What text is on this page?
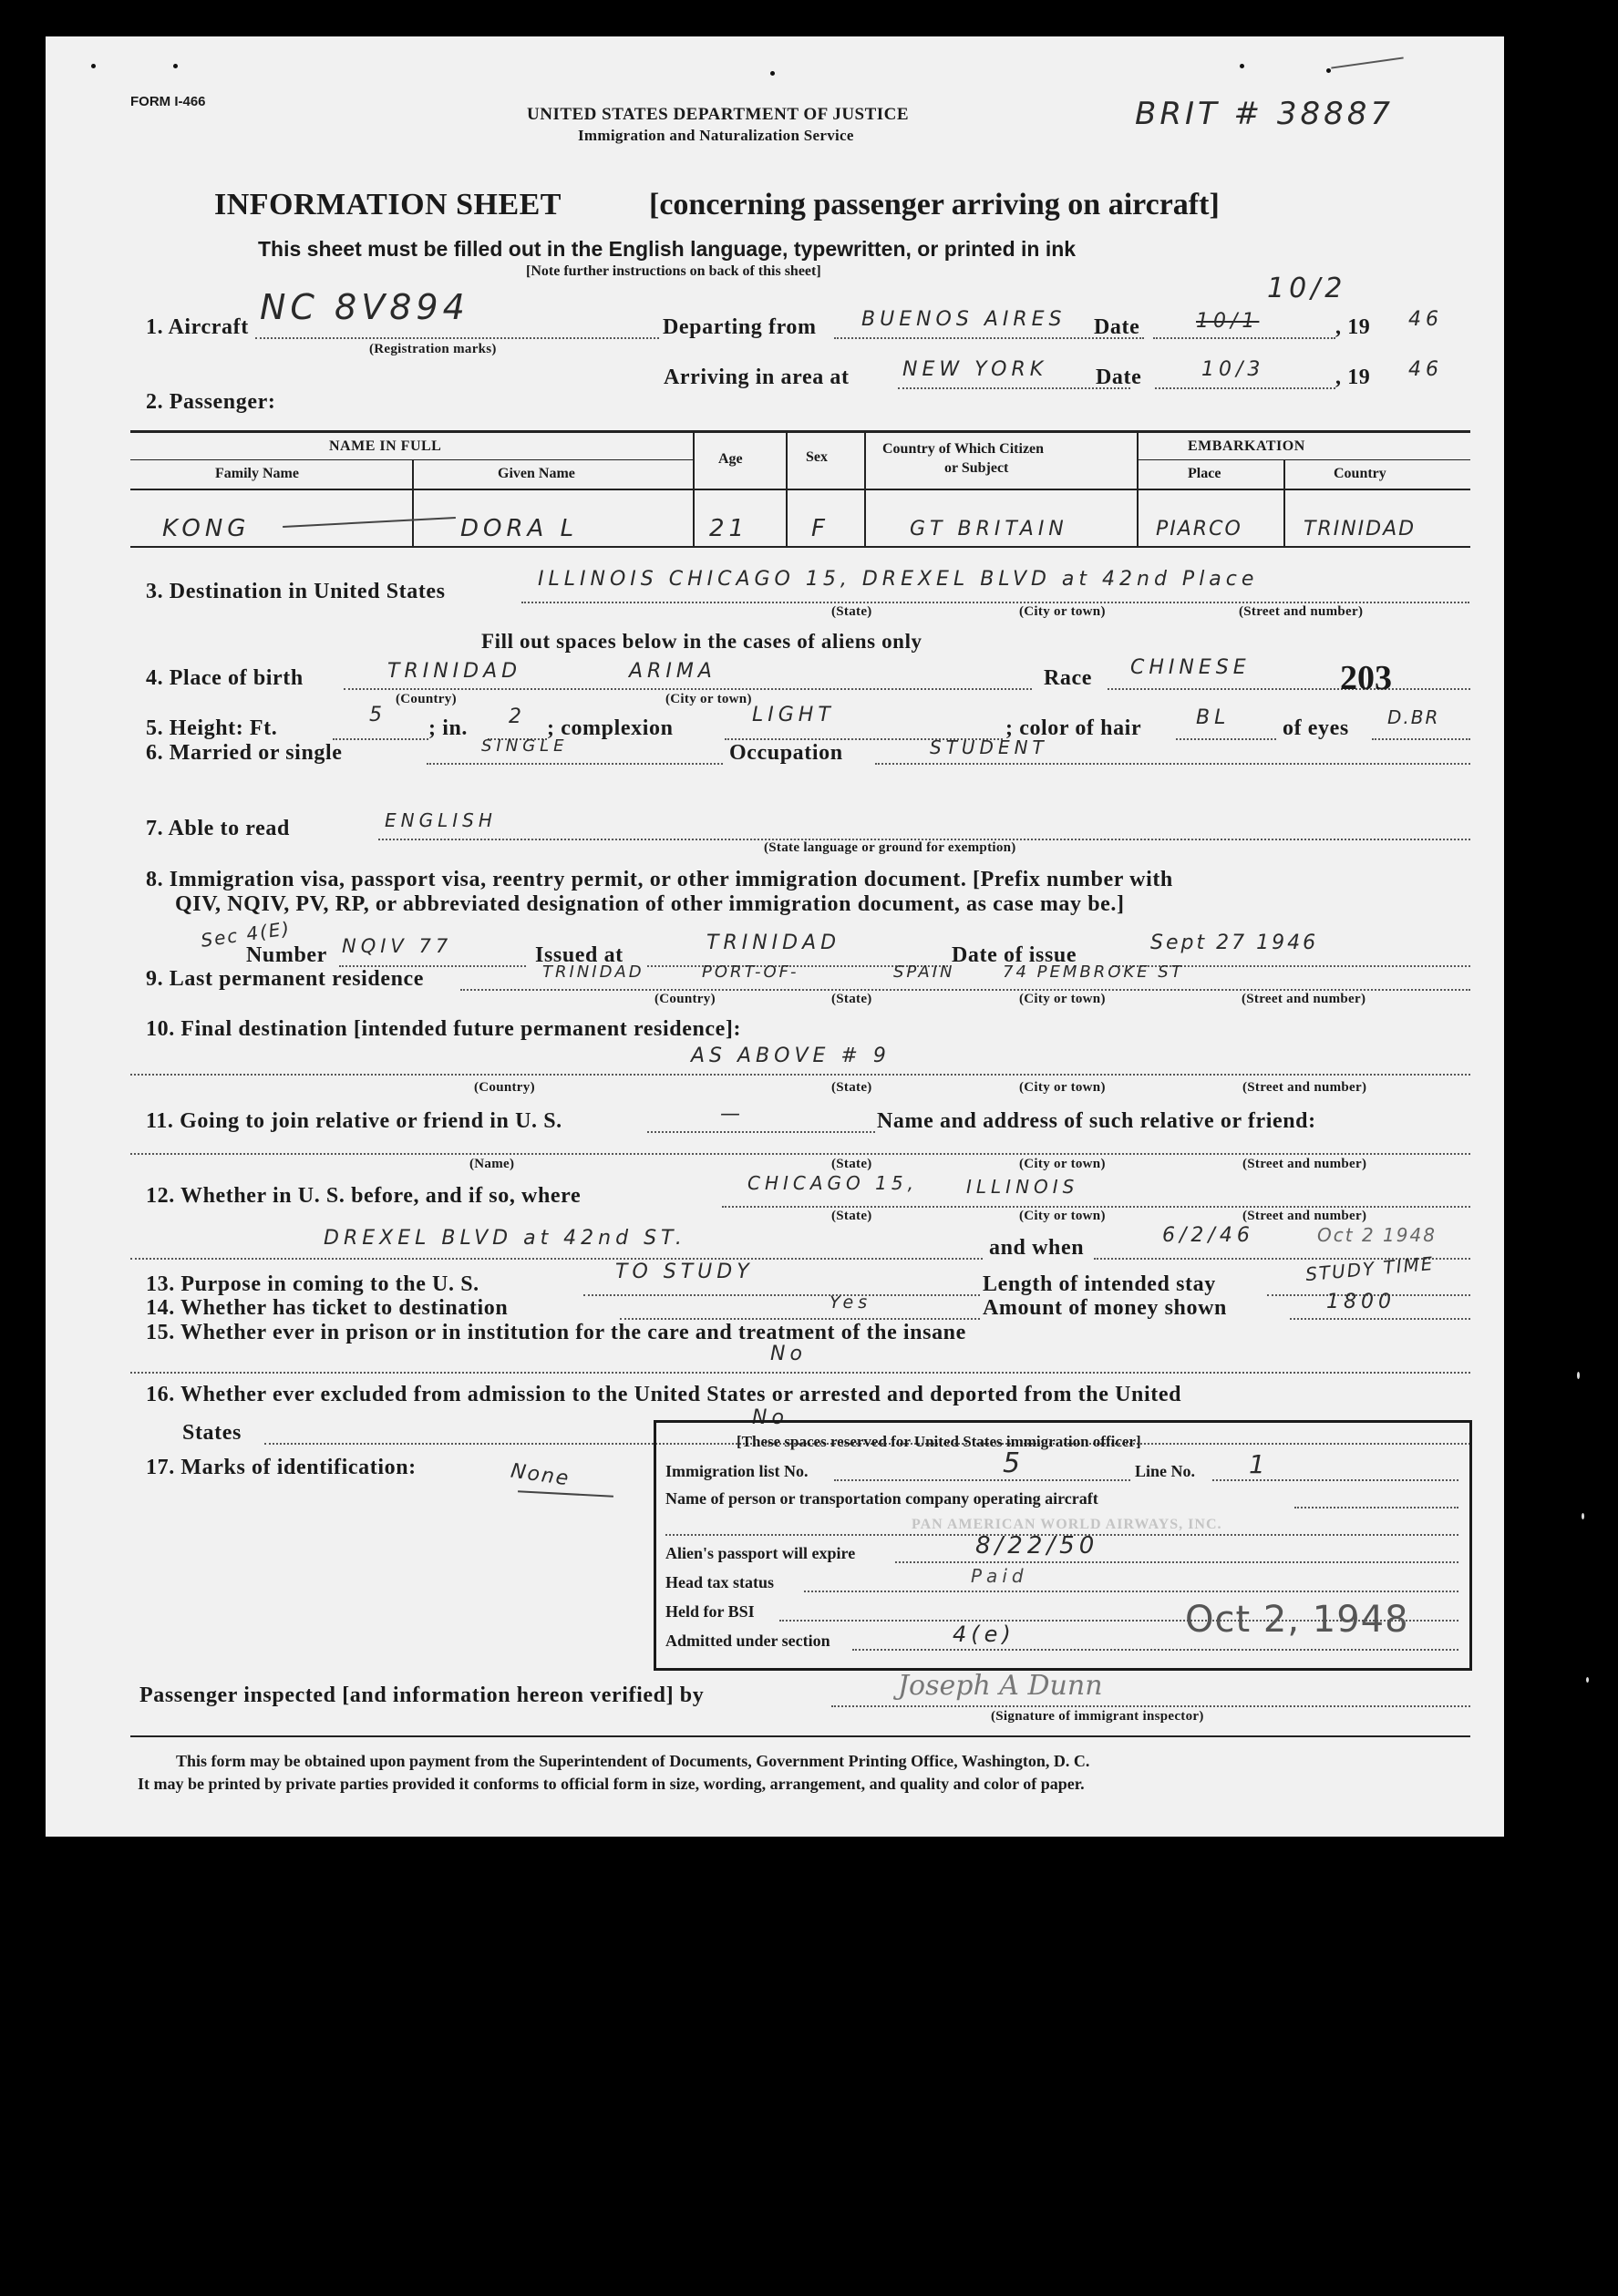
FORM I-466
UNITED STATES DEPARTMENT OF JUSTICE
Immigration and Naturalization Service
BRIT # 38887
INFORMATION SHEET	[concerning passenger arriving on aircraft]
This sheet must be filled out in the English language, typewritten, or printed in ink
[Note further instructions on back of this sheet]
1. Aircraft NC 8V894
(Registration marks)
Departing from BUENOS AIRES Date	10/1
10/2
, 19 46
Arriving in area at	NEW YORK Date	10/3	, 19 46
2. Passenger:
NAME IN FULL
Family Name	Given Name
Age	Sex
Country of Which Citizen
or Subject
EMBARKATION
Place	Country
KONG	DORA L	21	F	GT BRITAIN	PIARCO	TRINIDAD
3. Destination in United States
ILLINOIS CHICAGO 15, DREXEL BLVD at 42nd Place
(State)	(City or town)	(Street and number)
Fill out spaces below in the cases of aliens only
4. Place of birth	TRINIDAD	ARIMA
(Country)	(City or town)
Race CHINESE	203
5. Height: Ft.
5
; in. 2 ; complexion
LIGHT
; color of hair	BL of eyes D.BR
6. Married or single	SINGLE	Occupation	STUDENT
7. Able to read	ENGLISH
(State language or ground for exemption)
8. Immigration visa, passport visa, reentry permit, or other immigration document. [Prefix number with
QIV, NQIV, PV, RP, or abbreviated designation of other immigration document, as case may be.]
Sec 4(E)
Number NQIV 77	Issued at
TRINIDAD
Date of issue
Sept 27 1946
9. Last permanent residence	TRINIDAD	PORT-OF-	SPAIN	74 PEMBROKE ST
(Country)	(State)	(City or town)	(Street and number)
10. Final destination [intended future permanent residence]:
AS ABOVE # 9
(Country)	(State)	(City or town)	(Street and number)
11. Going to join relative or friend in U. S.	—	Name and address of such relative or friend:
(Name)	(State)	(City or town)	(Street and number)
12. Whether in U. S. before, and if so, where
CHICAGO 15,	ILLINOIS
(State)	(City or town)	(Street and number)
DREXEL BLVD at 42nd ST.	and when
6/2/46	Oct 2 1948
13. Purpose in coming to the U. S.
TO STUDY
Length of intended stay	STUDY TIME
14. Whether has ticket to destination	Yes	Amount of money shown	1800
15. Whether ever in prison or in institution for the care and treatment of the insane
No
16. Whether ever excluded from admission to the United States or arrested and deported from the United
States
No
17. Marks of identification:	None
[These spaces reserved for United States immigration officer]
Immigration list No.	5	Line No. 1
Name of person or transportation company operating aircraft
PAN AMERICAN WORLD AIRWAYS, INC.
Alien's passport will expire	8/22/50
Head tax status	Paid
Held for BSI
Admitted under section	4(e)	Oct 2, 1948
Passenger inspected [and information hereon verified] by	Joseph A Dunn
(Signature of immigrant inspector)
This form may be obtained upon payment from the Superintendent of Documents, Government Printing Office, Washington, D. C.
It may be printed by private parties provided it conforms to official form in size, wording, arrangement, and quality and color of paper.
